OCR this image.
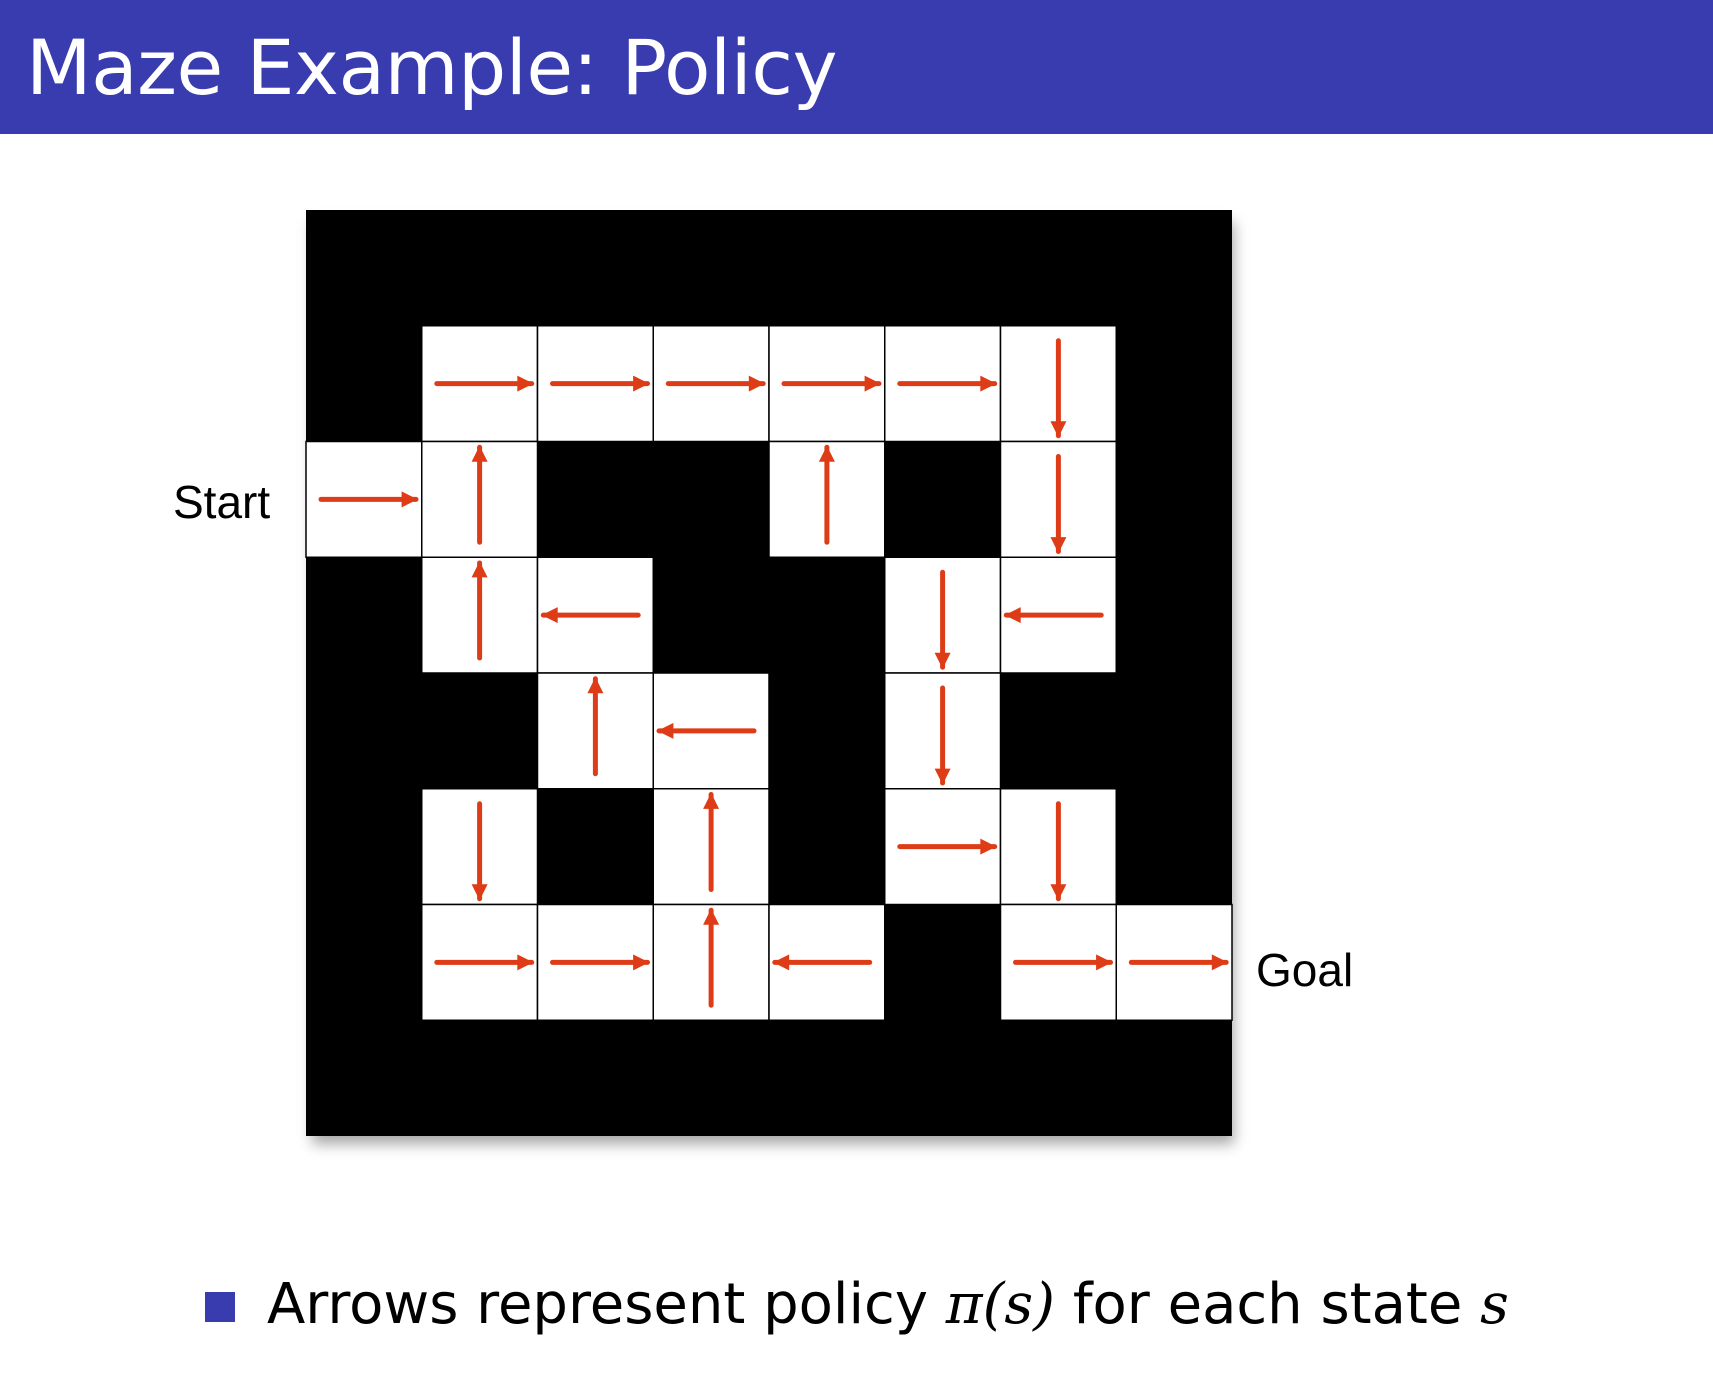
Maze Example: Policy
Start
Goal
Arrows represent policy π(s) for each state s
